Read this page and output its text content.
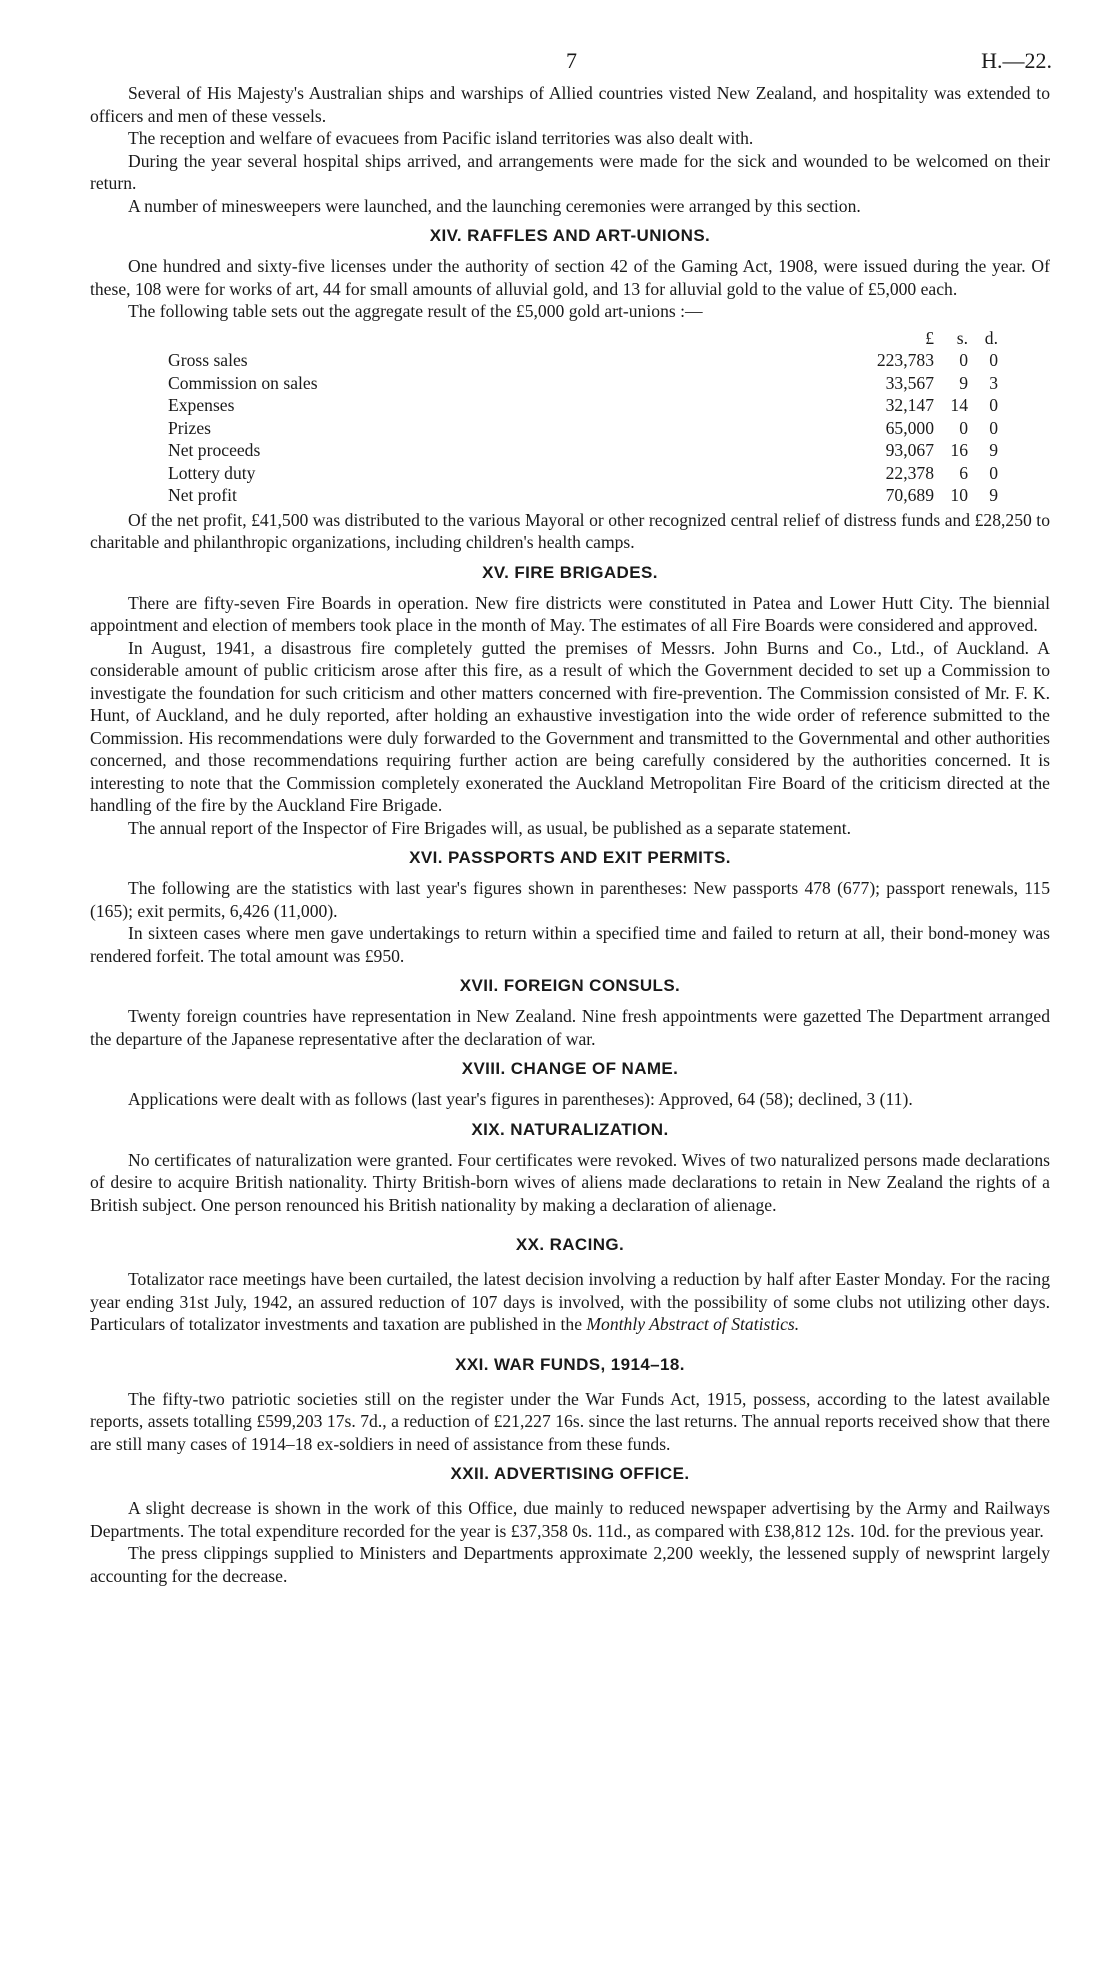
7	H.—22.

Several of His Majesty's Australian ships and warships of Allied countries visted New Zealand, and hospitality was extended to officers and men of these vessels.

The reception and welfare of evacuees from Pacific island territories was also dealt with.

During the year several hospital ships arrived, and arrangements were made for the sick and wounded to be welcomed on their return.

A number of minesweepers were launched, and the launching ceremonies were arranged by this section.

XIV. RAFFLES AND ART-UNIONS.

One hundred and sixty-five licenses under the authority of section 42 of the Gaming Act, 1908, were issued during the year. Of these, 108 were for works of art, 44 for small amounts of alluvial gold, and 13 for alluvial gold to the value of £5,000 each.

The following table sets out the aggregate result of the £5,000 gold art-unions :—

	£	s.	d.
Gross sales	223,783	0	0
Commission on sales	33,567	9	3
Expenses	32,147	14	0
Prizes	65,000	0	0
Net proceeds	93,067	16	9
Lottery duty	22,378	6	0
Net profit	70,689	10	9

Of the net profit, £41,500 was distributed to the various Mayoral or other recognized central relief of distress funds and £28,250 to charitable and philanthropic organizations, including children's health camps.

XV. FIRE BRIGADES.

There are fifty-seven Fire Boards in operation. New fire districts were constituted in Patea and Lower Hutt City. The biennial appointment and election of members took place in the month of May. The estimates of all Fire Boards were considered and approved.

In August, 1941, a disastrous fire completely gutted the premises of Messrs. John Burns and Co., Ltd., of Auckland. A considerable amount of public criticism arose after this fire, as a result of which the Government decided to set up a Commission to investigate the foundation for such criticism and other matters concerned with fire-prevention. The Commission consisted of Mr. F. K. Hunt, of Auckland, and he duly reported, after holding an exhaustive investigation into the wide order of reference submitted to the Commission. His recommendations were duly forwarded to the Government and transmitted to the Governmental and other authorities concerned, and those recommendations requiring further action are being carefully considered by the authorities concerned. It is interesting to note that the Commission completely exonerated the Auckland Metropolitan Fire Board of the criticism directed at the handling of the fire by the Auckland Fire Brigade.

The annual report of the Inspector of Fire Brigades will, as usual, be published as a separate statement.

XVI. PASSPORTS AND EXIT PERMITS.

The following are the statistics with last year's figures shown in parentheses: New passports 478 (677); passport renewals, 115 (165); exit permits, 6,426 (11,000).

In sixteen cases where men gave undertakings to return within a specified time and failed to return at all, their bond-money was rendered forfeit. The total amount was £950.

XVII. FOREIGN CONSULS.

Twenty foreign countries have representation in New Zealand. Nine fresh appointments were gazetted The Department arranged the departure of the Japanese representative after the declaration of war.

XVIII. CHANGE OF NAME.

Applications were dealt with as follows (last year's figures in parentheses): Approved, 64 (58); declined, 3 (11).

XIX. NATURALIZATION.

No certificates of naturalization were granted. Four certificates were revoked. Wives of two naturalized persons made declarations of desire to acquire British nationality. Thirty British-born wives of aliens made declarations to retain in New Zealand the rights of a British subject. One person renounced his British nationality by making a declaration of alienage.

XX. RACING.

Totalizator race meetings have been curtailed, the latest decision involving a reduction by half after Easter Monday. For the racing year ending 31st July, 1942, an assured reduction of 107 days is involved, with the possibility of some clubs not utilizing other days. Particulars of totalizator investments and taxation are published in the Monthly Abstract of Statistics.

XXI. WAR FUNDS, 1914–18.

The fifty-two patriotic societies still on the register under the War Funds Act, 1915, possess, according to the latest available reports, assets totalling £599,203 17s. 7d., a reduction of £21,227 16s. since the last returns. The annual reports received show that there are still many cases of 1914–18 ex-soldiers in need of assistance from these funds.

XXII. ADVERTISING OFFICE.

A slight decrease is shown in the work of this Office, due mainly to reduced newspaper advertising by the Army and Railways Departments. The total expenditure recorded for the year is £37,358 0s. 11d., as compared with £38,812 12s. 10d. for the previous year.

The press clippings supplied to Ministers and Departments approximate 2,200 weekly, the lessened supply of newsprint largely accounting for the decrease.
